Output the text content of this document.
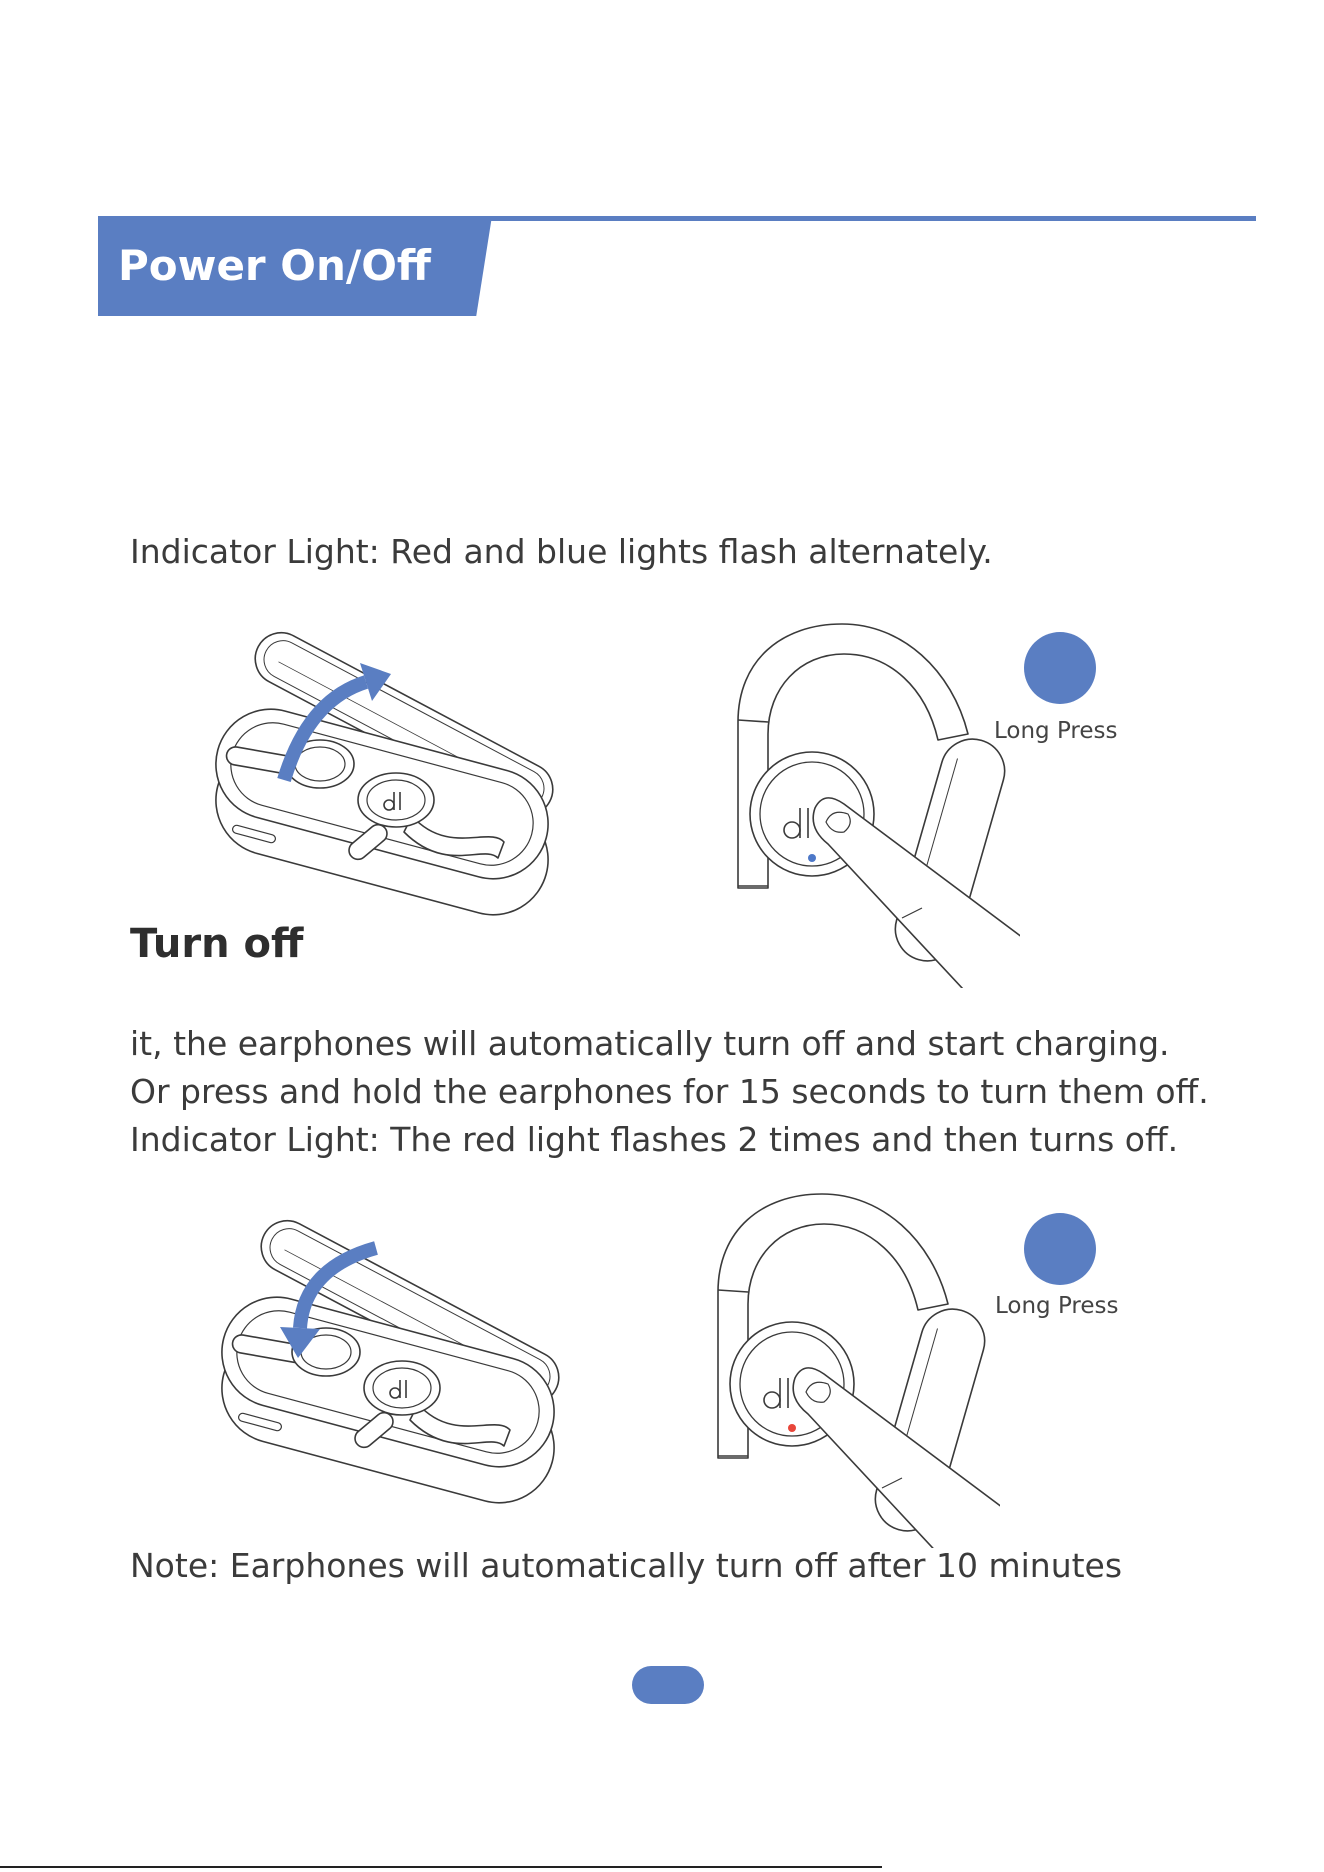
Power On/Off
Indicator Light: Red and blue lights flash alternately.
Long Press
Turn off
it, the earphones will automatically turn off and start charging.
Or press and hold the earphones for 15 seconds to turn them off.
Indicator Light: The red light flashes 2 times and then turns off.
Long Press
Note: Earphones will automatically turn off after 10 minutes
